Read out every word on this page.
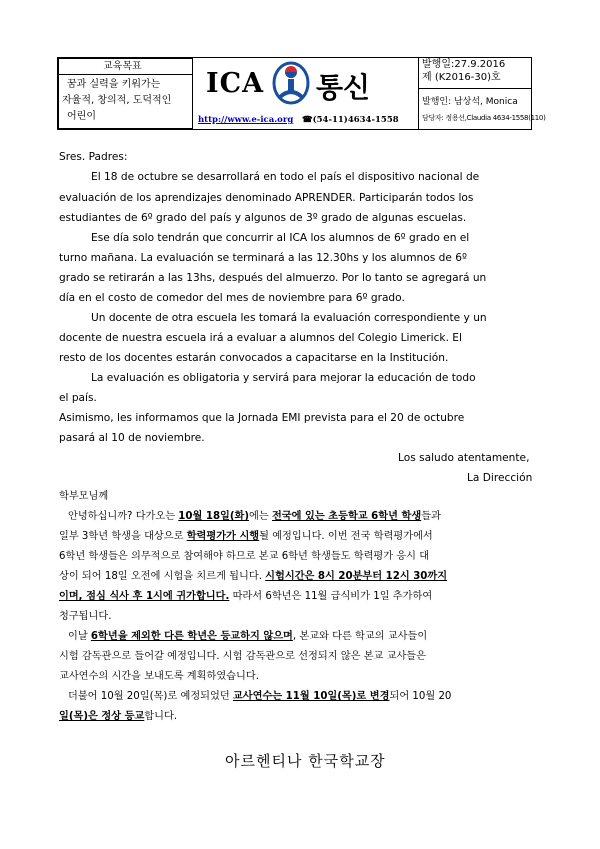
교육목표
꿈과 실력을 키워가는
자율적, 창의적, 도덕적인
어린이
ICA 통신
http://www.e-ica.org ☎(54-11)4634-1558
발행일:27.9.2016
제 (K2016-30)호
발행인: 남상석, Monica
담당자: 정용선,Claudia 4634-1558(110)
Sres. Padres:
El 18 de octubre se desarrollará en todo el país el dispositivo nacional de
evaluación de los aprendizajes denominado APRENDER. Participarán todos los
estudiantes de 6º grado del país y algunos de 3º grado de algunas escuelas.
Ese día solo tendrán que concurrir al ICA los alumnos de 6º grado en el
turno mañana. La evaluación se terminará a las 12.30hs y los alumnos de 6º
grado se retirarán a las 13hs, después del almuerzo. Por lo tanto se agregará un
día en el costo de comedor del mes de noviembre para 6º grado.
Un docente de otra escuela les tomará la evaluación correspondiente y un
docente de nuestra escuela irá a evaluar a alumnos del Colegio Limerick. El
resto de los docentes estarán convocados a capacitarse en la Institución.
La evaluación es obligatoria y servirá para mejorar la educación de todo
el país.
Asimismo, les informamos que la Jornada EMI prevista para el 20 de octubre
pasará al 10 de noviembre.
Los saludo atentamente,
La Dirección
학부모님께
안녕하십니까? 다가오는 10월 18일(화)에는 전국에 있는 초등학교 6학년 학생들과
일부 3학년 학생을 대상으로 학력평가가 시행될 예정입니다. 이번 전국 학력평가에서
6학년 학생들은 의무적으로 참여해야 하므로 본교 6학년 학생들도 학력평가 응시 대
상이 되어 18일 오전에 시험을 치르게 됩니다. 시험시간은 8시 20분부터 12시 30까지
이며, 점심 식사 후 1시에 귀가합니다. 따라서 6학년은 11월 급식비가 1일 추가하여
청구됩니다.
이날 6학년을 제외한 다른 학년은 등교하지 않으며, 본교와 다른 학교의 교사들이
시험 감독관으로 들어갈 예정입니다. 시험 감독관으로 선정되지 않은 본교 교사들은
교사연수의 시간을 보내도록 계획하였습니다.
더불어 10월 20일(목)로 예정되었던 교사연수는 11월 10일(목)로 변경되어 10월 20
일(목)은 정상 등교합니다.
아르헨티나 한국학교장
